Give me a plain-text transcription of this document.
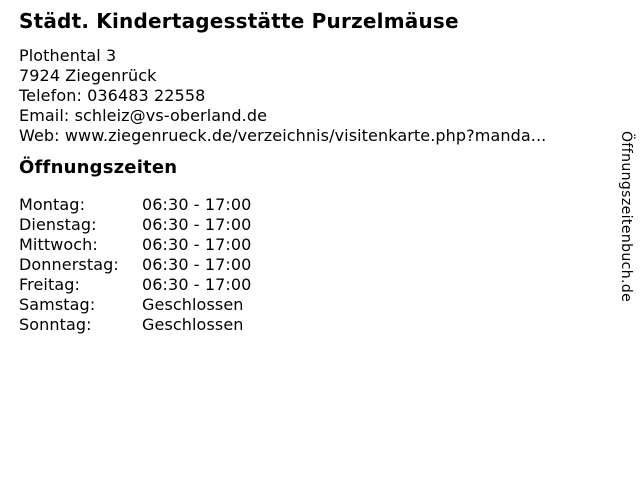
Städt. Kindertagesstätte Purzelmäuse
Plothental 3
7924 Ziegenrück
Telefon: 036483 22558
Email: schleiz@vs-oberland.de
Web: www.ziegenrueck.de/verzeichnis/visitenkarte.php?manda...
Öffnungszeiten
Montag:	06:30 - 17:00
Dienstag:	06:30 - 17:00
Mittwoch:	06:30 - 17:00
Donnerstag:	06:30 - 17:00
Freitag:	06:30 - 17:00
Samstag:	Geschlossen
Sonntag:	Geschlossen
Öffnungszeitenbuch.de
